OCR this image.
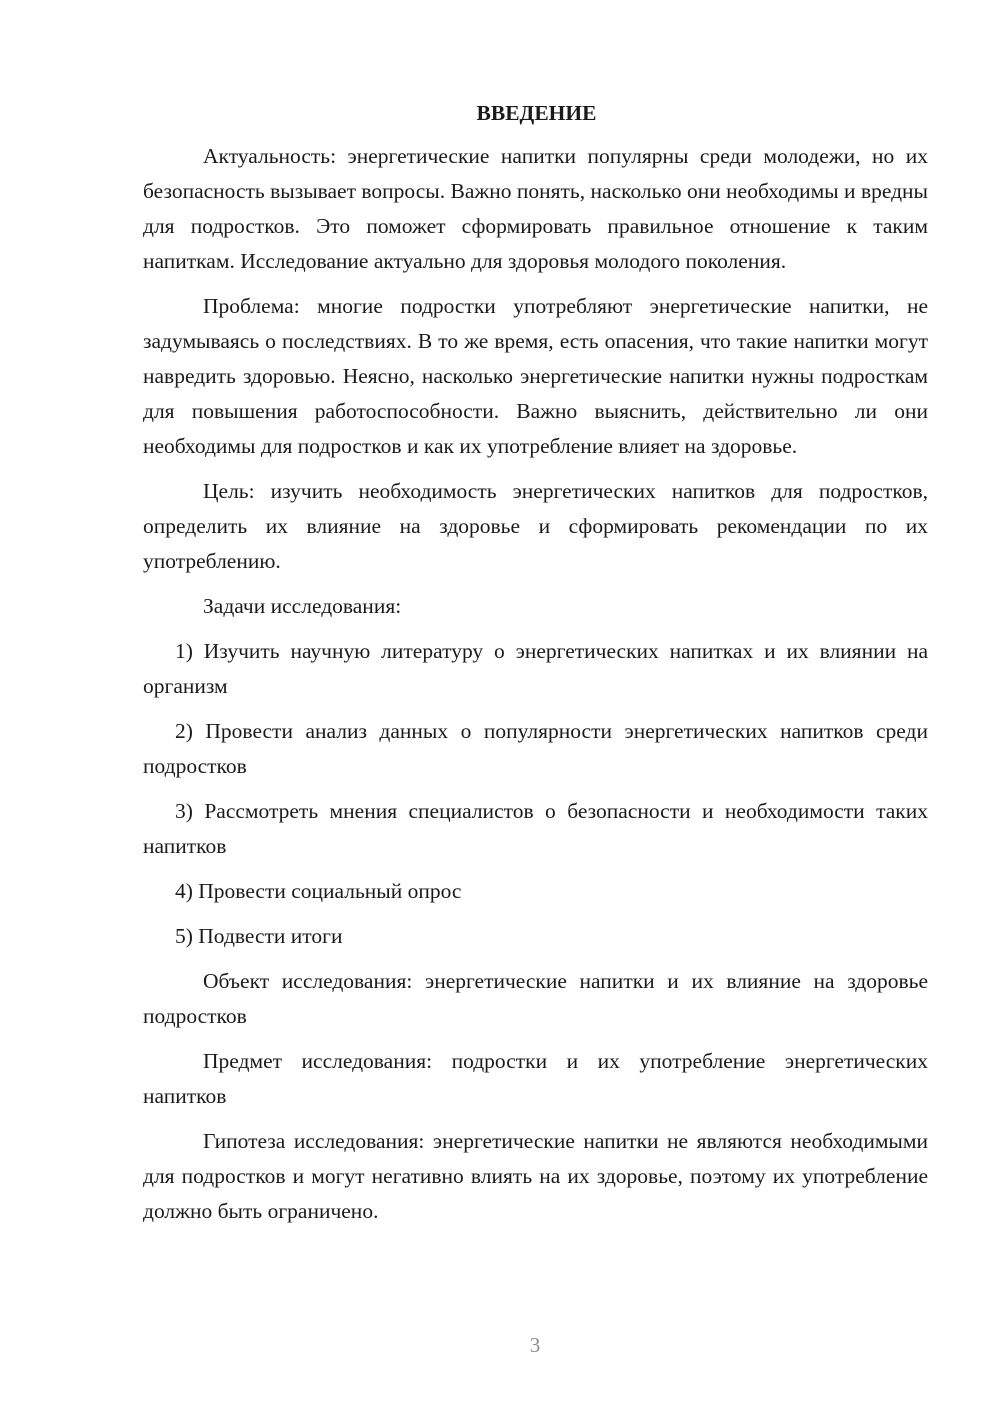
ВВЕДЕНИЕ

Актуальность: энергетические напитки популярны среди молодежи, но их безопасность вызывает вопросы. Важно понять, насколько они необходимы и вредны для подростков. Это поможет сформировать правильное отношение к таким напиткам. Исследование актуально для здоровья молодого поколения.

Проблема: многие подростки употребляют энергетические напитки, не задумываясь о последствиях. В то же время, есть опасения, что такие напитки могут навредить здоровью. Неясно, насколько энергетические напитки нужны подросткам для повышения работоспособности. Важно выяснить, действительно ли они необходимы для подростков и как их употребление влияет на здоровье.

Цель: изучить необходимость энергетических напитков для подростков, определить их влияние на здоровье и сформировать рекомендации по их употреблению.

Задачи исследования:

1) Изучить научную литературу о энергетических напитках и их влиянии на организм

2) Провести анализ данных о популярности энергетических напитков среди подростков

3) Рассмотреть мнения специалистов о безопасности и необходимости таких напитков

4) Провести социальный опрос

5) Подвести итоги

Объект исследования: энергетические напитки и их влияние на здоровье подростков

Предмет исследования: подростки и их употребление энергетических напитков

Гипотеза исследования: энергетические напитки не являются необходимыми для подростков и могут негативно влиять на их здоровье, поэтому их употребление должно быть ограничено.

3
